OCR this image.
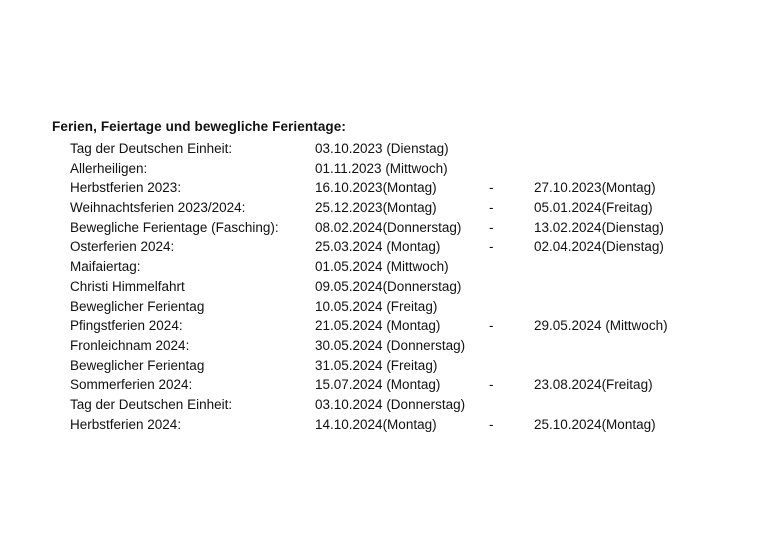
Ferien, Feiertage und bewegliche Ferientage:
Tag der Deutschen Einheit:	03.10.2023 (Dienstag)
Allerheiligen:	01.11.2023 (Mittwoch)
Herbstferien 2023:	16.10.2023(Montag)	-	27.10.2023(Montag)
Weihnachtsferien 2023/2024:	25.12.2023(Montag)	-	05.01.2024(Freitag)
Bewegliche Ferientage (Fasching):	08.02.2024(Donnerstag) -	13.02.2024(Dienstag)
Osterferien 2024:	25.03.2024 (Montag)	-	02.04.2024(Dienstag)
Maifaiertag:	01.05.2024 (Mittwoch)
Christi Himmelfahrt	09.05.2024(Donnerstag)
Beweglicher Ferientag	10.05.2024 (Freitag)
Pfingstferien 2024:	21.05.2024 (Montag)	-	29.05.2024 (Mittwoch)
Fronleichnam 2024:	30.05.2024 (Donnerstag)
Beweglicher Ferientag	31.05.2024 (Freitag)
Sommerferien 2024:	15.07.2024 (Montag)	-	23.08.2024(Freitag)
Tag der Deutschen Einheit:	03.10.2024 (Donnerstag)
Herbstferien 2024:	14.10.2024(Montag)	-	25.10.2024(Montag)
